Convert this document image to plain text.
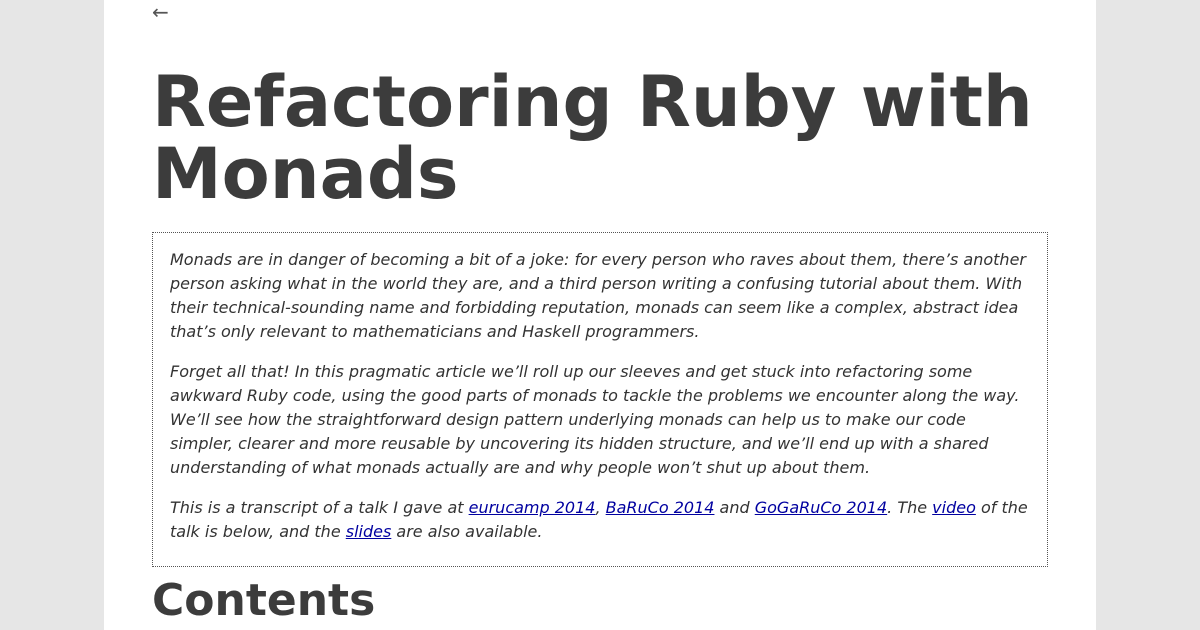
←
Refactoring Ruby with Monads

Monads are in danger of becoming a bit of a joke: for every person who raves about them, there’s another person asking what in the world they are, and a third person writing a confusing tutorial about them. With their technical-sounding name and forbidding reputation, monads can seem like a complex, abstract idea that’s only relevant to mathematicians and Haskell programmers.

Forget all that! In this pragmatic article we’ll roll up our sleeves and get stuck into refactoring some awkward Ruby code, using the good parts of monads to tackle the problems we encounter along the way. We’ll see how the straightforward design pattern underlying monads can help us to make our code simpler, clearer and more reusable by uncovering its hidden structure, and we’ll end up with a shared understanding of what monads actually are and why people won’t shut up about them.

This is a transcript of a talk I gave at eurucamp 2014, BaRuCo 2014 and GoGaRuCo 2014. The video of the talk is below, and the slides are also available.

Contents
